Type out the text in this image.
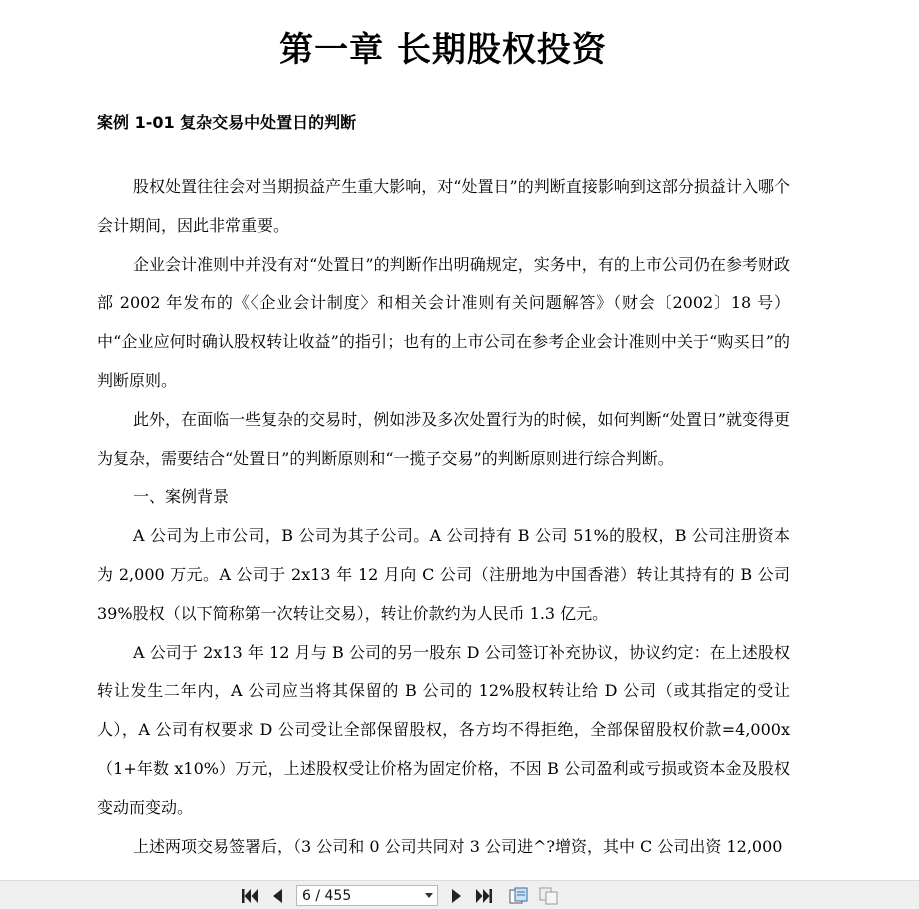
第一章 长期股权投资
案例 1-01 复杂交易中处置日的判断

股权处置往往会对当期损益产生重大影响，对“处置日”的判断直接影响到这部分损益计入哪个会计期间，因此非常重要。

企业会计准则中并没有对“处置日”的判断作出明确规定，实务中，有的上市公司仍在参考财政部 2002 年发布的《〈企业会计制度〉和相关会计准则有关问题解答》（财会〔2002〕18 号）中“企业应何时确认股权转让收益”的指引；也有的上市公司在参考企业会计准则中关于“购买日”的判断原则。

此外，在面临一些复杂的交易时，例如涉及多次处置行为的时候，如何判断“处置日”就变得更为复杂，需要结合“处置日”的判断原则和“一揽子交易”的判断原则进行综合判断。

一、案例背景

A 公司为上市公司，B 公司为其子公司。A 公司持有 B 公司 51%的股权，B 公司注册资本为 2,000 万元。A 公司于 2x13 年 12 月向 C 公司（注册地为中国香港）转让其持有的 B 公司 39%股权（以下简称第一次转让交易），转让价款约为人民币 1.3 亿元。

A 公司于 2x13 年 12 月与 B 公司的另一股东 D 公司签订补充协议，协议约定：在上述股权转让发生二年内，A 公司应当将其保留的 B 公司的 12%股权转让给 D 公司（或其指定的受让人），A 公司有权要求 D 公司受让全部保留股权，各方均不得拒绝，全部保留股权价款=4,000x（1+年数 x10%）万元，上述股权受让价格为固定价格，不因 B 公司盈利或亏损或资本金及股权变动而变动。

上述两项交易签署后，（3 公司和 0 公司共同对 3 公司进^?增资，其中 C 公司出资 12,000

6 / 455
